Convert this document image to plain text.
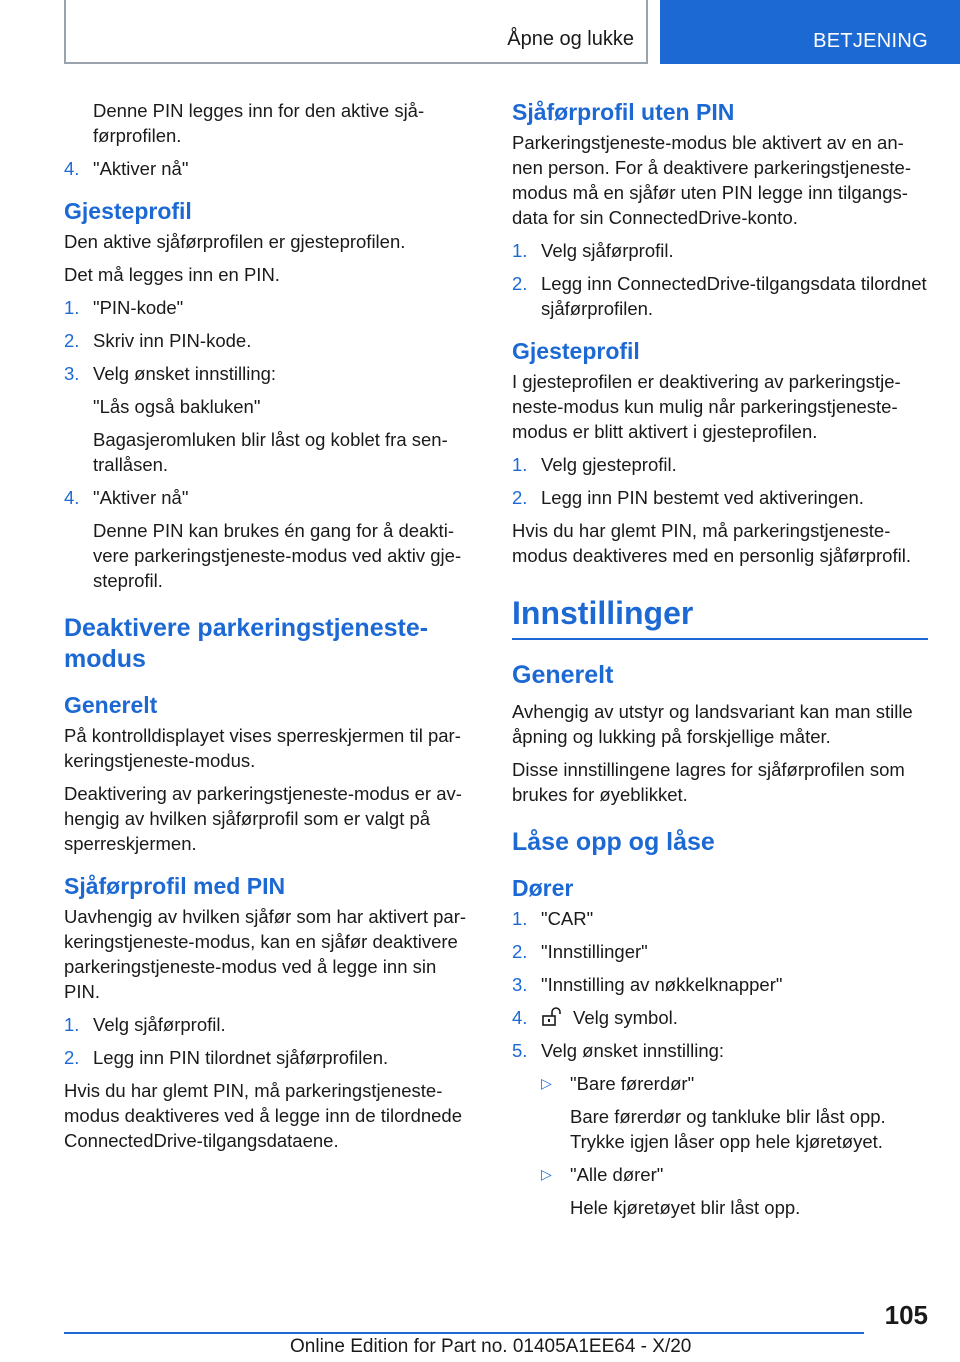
Åpne og lukke	BETJENING

Denne PIN legges inn for den aktive sjåførprofilen.

4. "Aktiver nå"
Gjesteprofil

Den aktive sjåførprofilen er gjesteprofilen.

Det må legges inn en PIN.

1. "PIN-kode"
2. Skriv inn PIN-kode.
3. Velg ønsket innstilling:

"Lås også bakluken"

Bagasjeromluken blir låst og koblet fra sentrallåsen.

4. "Aktiver nå"

Denne PIN kan brukes én gang for å deaktivere parkeringstjeneste-modus ved aktiv gjesteprofil.

Deaktivere parkeringstjenestemodus
Generelt

På kontrolldisplayet vises sperreskjermen til parkeringstjeneste-modus.

Deaktivering av parkeringstjeneste-modus er avhengig av hvilken sjåførprofil som er valgt på sperreskjermen.

Sjåførprofil med PIN

Uavhengig av hvilken sjåfør som har aktivert parkeringstjeneste-modus, kan en sjåfør deaktivere parkeringstjeneste-modus ved å legge inn sin PIN.

1. Velg sjåførprofil.
2. Legg inn PIN tilordnet sjåførprofilen.

Hvis du har glemt PIN, må parkeringstjenestemodus deaktiveres ved å legge inn de tilordnede ConnectedDrive-tilgangsdataene.

Sjåførprofil uten PIN

Parkeringstjeneste-modus ble aktivert av en annen person. For å deaktivere parkeringstjenestemodus må en sjåfør uten PIN legge inn tilgangsdata for sin ConnectedDrive-konto.

1. Velg sjåførprofil.
2. Legg inn ConnectedDrive-tilgangsdata tilordnet sjåførprofilen.
Gjesteprofil

I gjesteprofilen er deaktivering av parkeringstjeneste-modus kun mulig når parkeringstjenestemodus er blitt aktivert i gjesteprofilen.

1. Velg gjesteprofil.
2. Legg inn PIN bestemt ved aktiveringen.

Hvis du har glemt PIN, må parkeringstjenestemodus deaktiveres med en personlig sjåførprofil.

Innstillinger
Generelt

Avhengig av utstyr og landsvariant kan man stille åpning og lukking på forskjellige måter.

Disse innstillingene lagres for sjåførprofilen som brukes for øyeblikket.

Låse opp og låse
Dører
1. "CAR"
2. "Innstillinger"
3. "Innstilling av nøkkelknapper"
4.	Velg symbol.
5. Velg ønsket innstilling:
▷ "Bare førerdør"

Bare førerdør og tankluke blir låst opp. Trykke igjen låser opp hele kjøretøyet.

▷ "Alle dører"

Hele kjøretøyet blir låst opp.

105
Online Edition for Part no. 01405A1EE64 - X/20
